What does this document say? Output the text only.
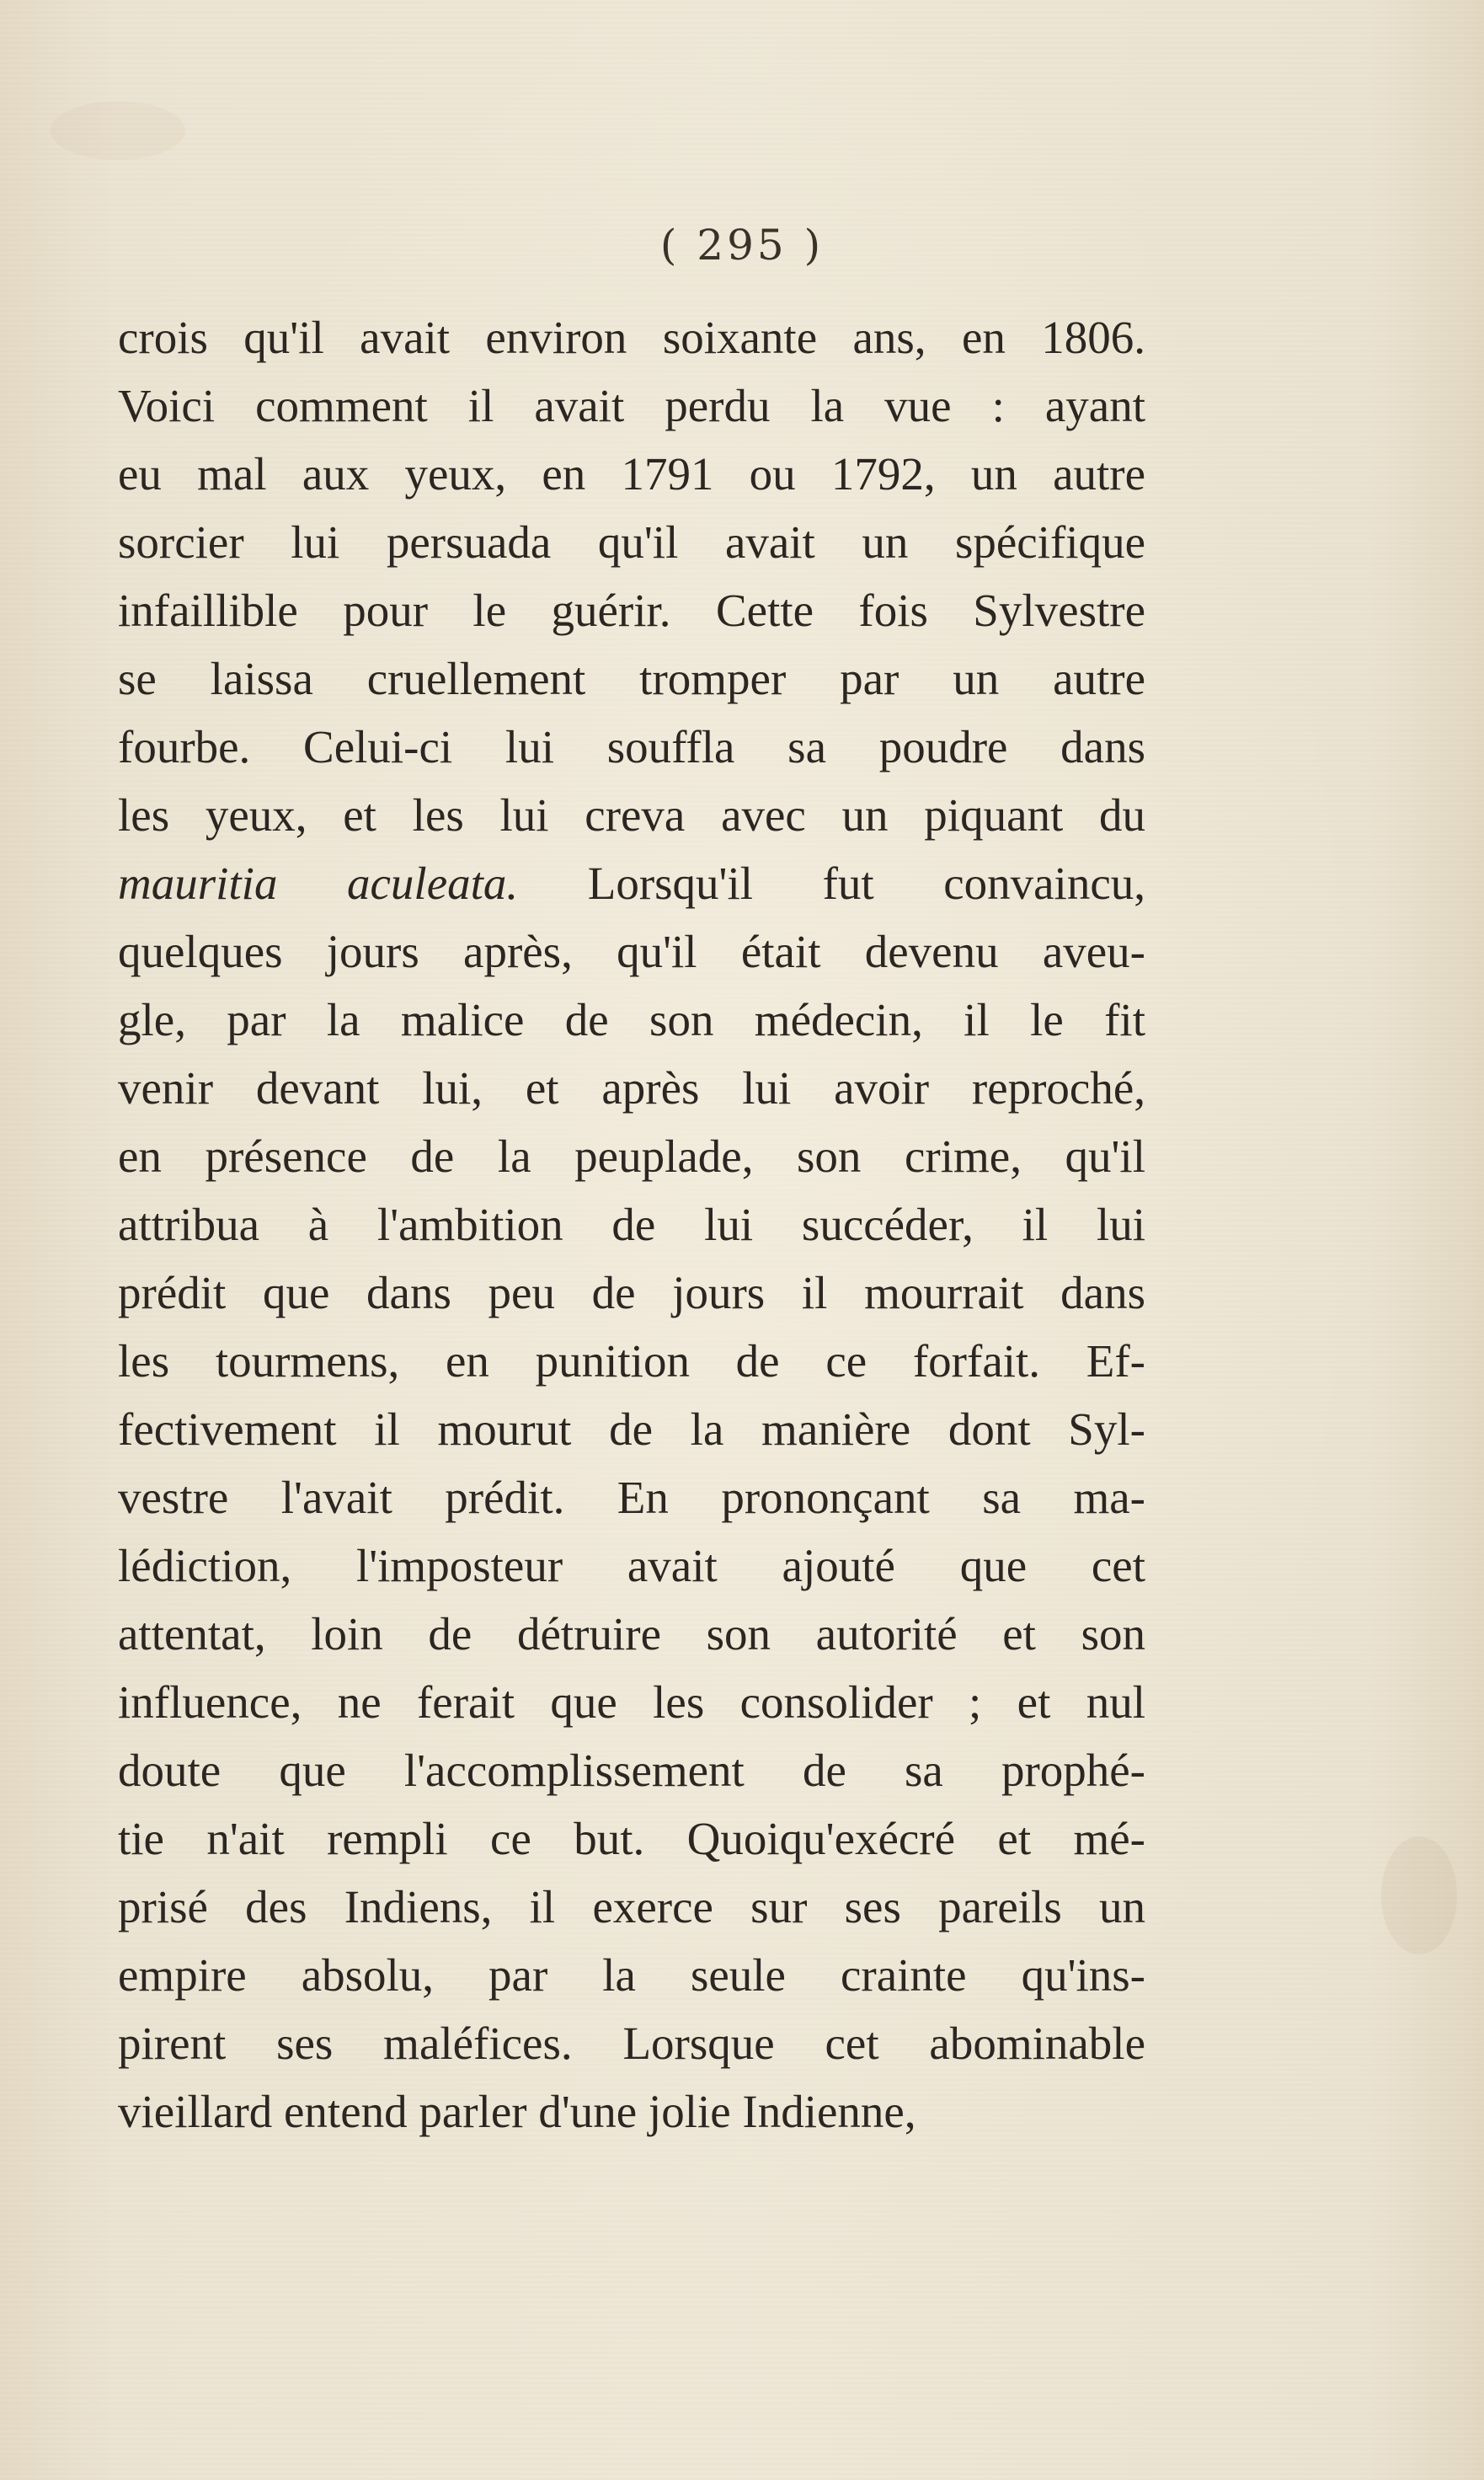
( 295 )
crois qu'il avait environ soixante ans, en 1806.
Voici comment il avait perdu la vue : ayant
eu mal aux yeux, en 1791 ou 1792, un autre
sorcier lui persuada qu'il avait un spécifique
infaillible pour le guérir. Cette fois Sylvestre
se laissa cruellement tromper par un autre
fourbe. Celui-ci lui souffla sa poudre dans
les yeux, et les lui creva avec un piquant du
mauritia aculeata. Lorsqu'il fut convaincu,
quelques jours après, qu'il était devenu aveu-
gle, par la malice de son médecin, il le fit
venir devant lui, et après lui avoir reproché,
en présence de la peuplade, son crime, qu'il
attribua à l'ambition de lui succéder, il lui
prédit que dans peu de jours il mourrait dans
les tourmens, en punition de ce forfait. Ef-
fectivement il mourut de la manière dont Syl-
vestre l'avait prédit. En prononçant sa ma-
lédiction, l'imposteur avait ajouté que cet
attentat, loin de détruire son autorité et son
influence, ne ferait que les consolider ; et nul
doute que l'accomplissement de sa prophé-
tie n'ait rempli ce but. Quoiqu'exécré et mé-
prisé des Indiens, il exerce sur ses pareils un
empire absolu, par la seule crainte qu'ins-
pirent ses maléfices. Lorsque cet abominable
vieillard entend parler d'une jolie Indienne,
